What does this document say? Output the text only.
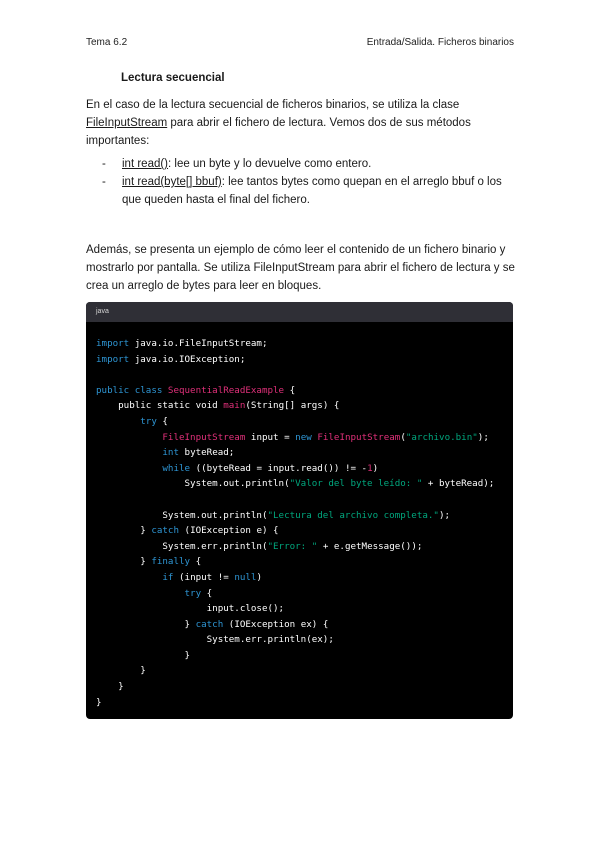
Tema 6.2	Entrada/Salida. Ficheros binarios
Lectura secuencial
En el caso de la lectura secuencial de ficheros binarios, se utiliza la clase FileInputStream para abrir el fichero de lectura. Vemos dos de sus métodos importantes:
- int read(): lee un byte y lo devuelve como entero.
- int read(byte[] bbuf): lee tantos bytes como quepan en el arreglo bbuf o los que queden hasta el final del fichero.
Además, se presenta un ejemplo de cómo leer el contenido de un fichero binario y mostrarlo por pantalla. Se utiliza FileInputStream para abrir el fichero de lectura y se crea un arreglo de bytes para leer en bloques.
java
import java.io.FileInputStream;
import java.io.IOException;
public class SequentialReadExample {
public static void main(String[] args) {
try {
FileInputStream input = new FileInputStream("archivo.bin");
int byteRead;
while ((byteRead = input.read()) != -1)
System.out.println("Valor del byte leído: " + byteRead);
System.out.println("Lectura del archivo completa.");
} catch (IOException e) {
System.err.println("Error: " + e.getMessage());
} finally {
if (input != null)
try {
input.close();
} catch (IOException ex) {
System.err.println(ex);
}
}
}
}
